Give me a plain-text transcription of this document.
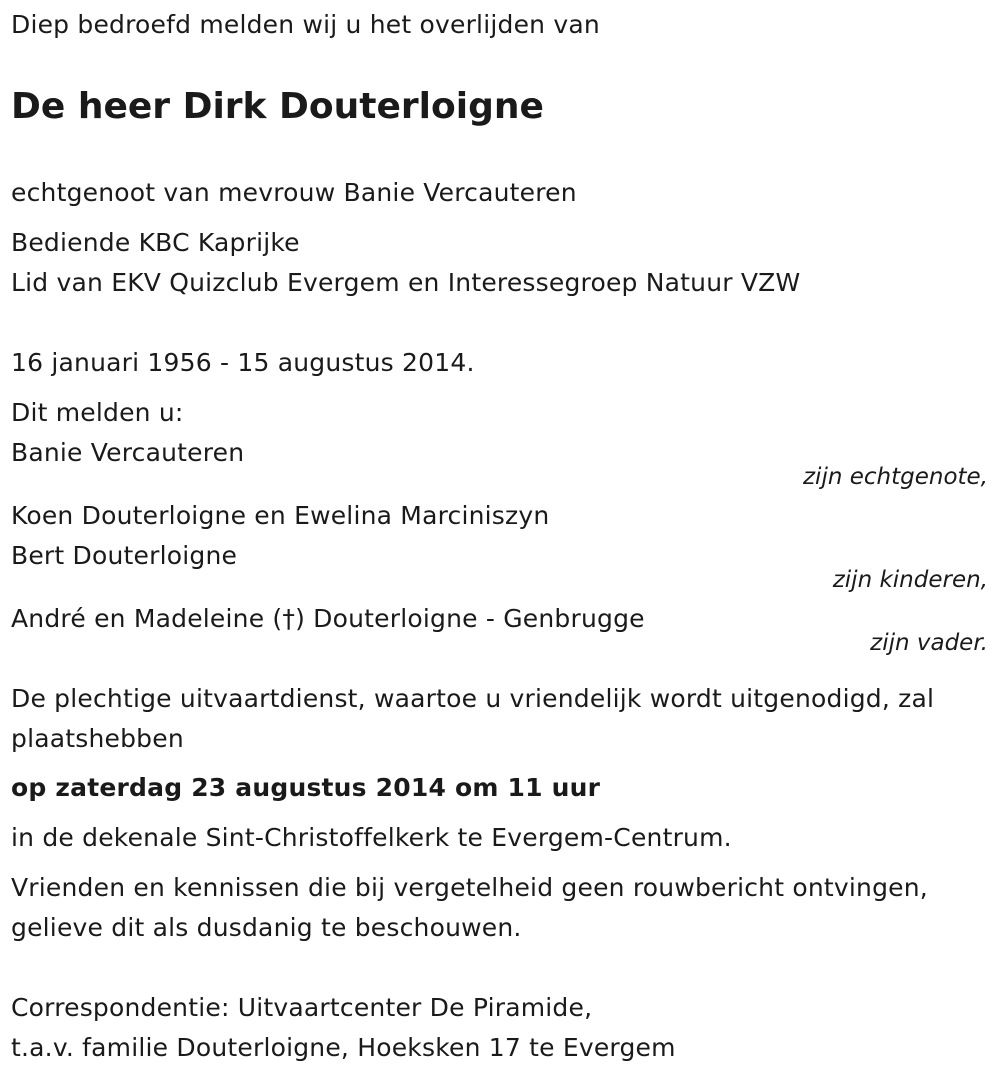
Diep bedroefd melden wij u het overlijden van
De heer Dirk Douterloigne
echtgenoot van mevrouw Banie Vercauteren
Bediende KBC Kaprijke
Lid van EKV Quizclub Evergem en Interessegroep Natuur VZW
16 januari 1956 - 15 augustus 2014.
Dit melden u:
Banie Vercauteren
zijn echtgenote,
Koen Douterloigne en Ewelina Marciniszyn
Bert Douterloigne
zijn kinderen,
André en Madeleine (†) Douterloigne - Genbrugge
zijn vader.
De plechtige uitvaartdienst, waartoe u vriendelijk wordt uitgenodigd, zal
plaatshebben
op zaterdag 23 augustus 2014 om 11 uur
in de dekenale Sint-Christoffelkerk te Evergem-Centrum.
Vrienden en kennissen die bij vergetelheid geen rouwbericht ontvingen,
gelieve dit als dusdanig te beschouwen.
Correspondentie: Uitvaartcenter De Piramide,
t.a.v. familie Douterloigne, Hoeksken 17 te Evergem
